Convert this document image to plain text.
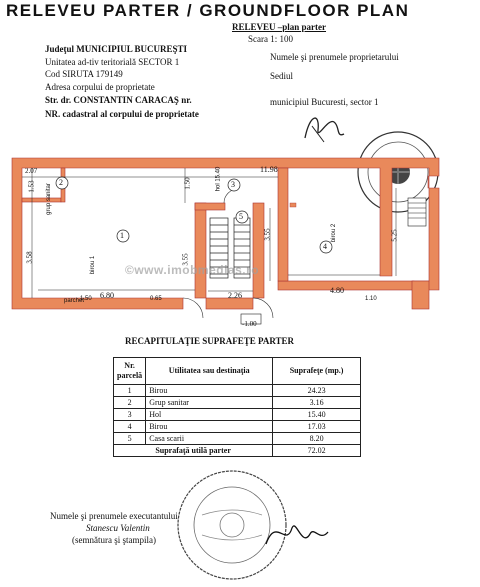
RELEVEU PARTER / GROUNDFLOOR PLAN
RELEVEU –plan parter
Scara 1: 100
Judeţul MUNICIPIUL BUCUREŞTI
Unitatea ad-tiv teritorială SECTOR 1
Cod SIRUTA 179149
Adresa corpului de proprietate
Str. dr. CONSTANTIN CARACAŞ nr.
NR. cadastral al corpului de proprietate
Numele şi prenumele proprietarului
Sediul
municipiul Bucuresti, sector 1
11.98
2.07
1.53
3.58
1.50
3.55
3.55	5.25
6.80	2.26
4.80
-1.00
1.50	0.65	1.10
1
2	3
4
5
birou 1
grup sanitar
hol 15.40
birou 2
parchet
©www.imobmedias.ro
RECAPITULAŢIE SUPRAFEŢE PARTER
Nr. parcelă	Utilitatea sau destinaţia	Suprafeţe (mp.)
1	Birou	24.23
2	Grup sanitar	3.16
3	Hol	15.40
4	Birou	17.03
5	Casa scarii	8.20
Suprafaţă utilă parter		72.02
Numele şi prenumele executantului
Stanescu Valentin
(semnătura şi ştampila)
